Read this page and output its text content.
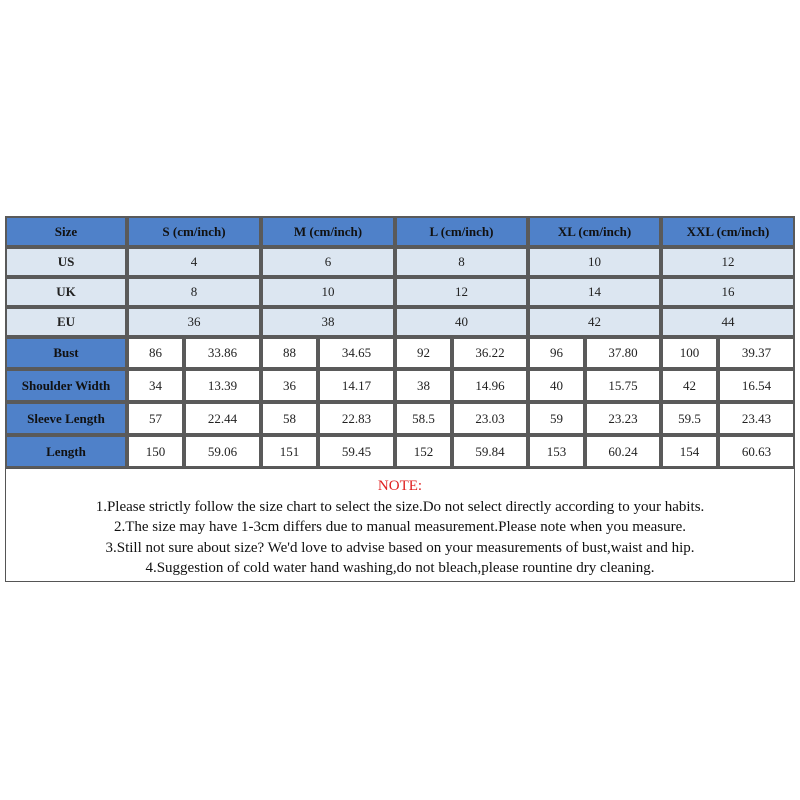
Size	S (cm/inch)	M (cm/inch)	L (cm/inch)	XL (cm/inch)	XXL (cm/inch)
US	4	6	8	10	12
UK	8	10	12	14	16
EU	36	38	40	42	44
Bust	86	33.86	88	34.65	92	36.22	96	37.80	100	39.37
Shoulder Width	34	13.39	36	14.17	38	14.96	40	15.75	42	16.54
Sleeve Length	57	22.44	58	22.83	58.5	23.03	59	23.23	59.5	23.43
Length	150	59.06	151	59.45	152	59.84	153	60.24	154	60.63
NOTE:
1.Please strictly follow the size chart to select the size.Do not select directly according to your habits.
2.The size may have 1-3cm differs due to manual measurement.Please note when you measure.
3.Still not sure about size? We'd love to advise based on your measurements of bust,waist and hip.
4.Suggestion of cold water hand washing,do not bleach,please rountine dry cleaning.
